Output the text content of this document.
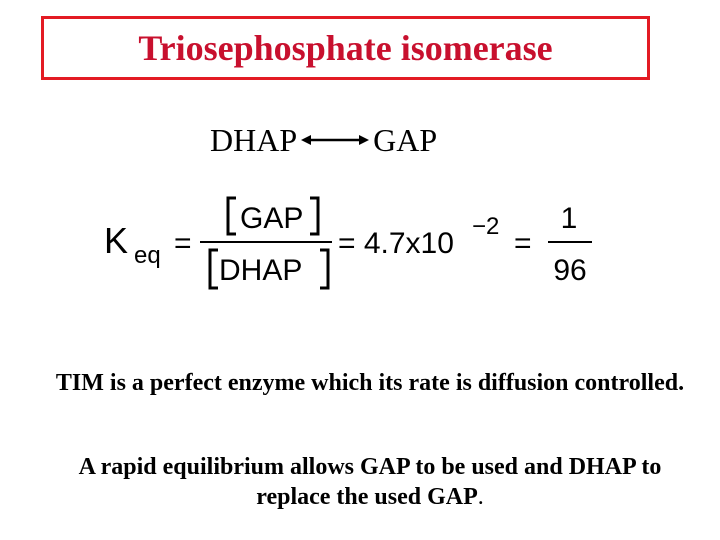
Triosephosphate isomerase
DHAP GAP
K eq =
GAP
DHAP
= 4.7x10
−2
=
1
96
TIM is a perfect enzyme which its rate is diffusion controlled.
A rapid equilibrium allows GAP to be used and DHAP to replace the used GAP.
